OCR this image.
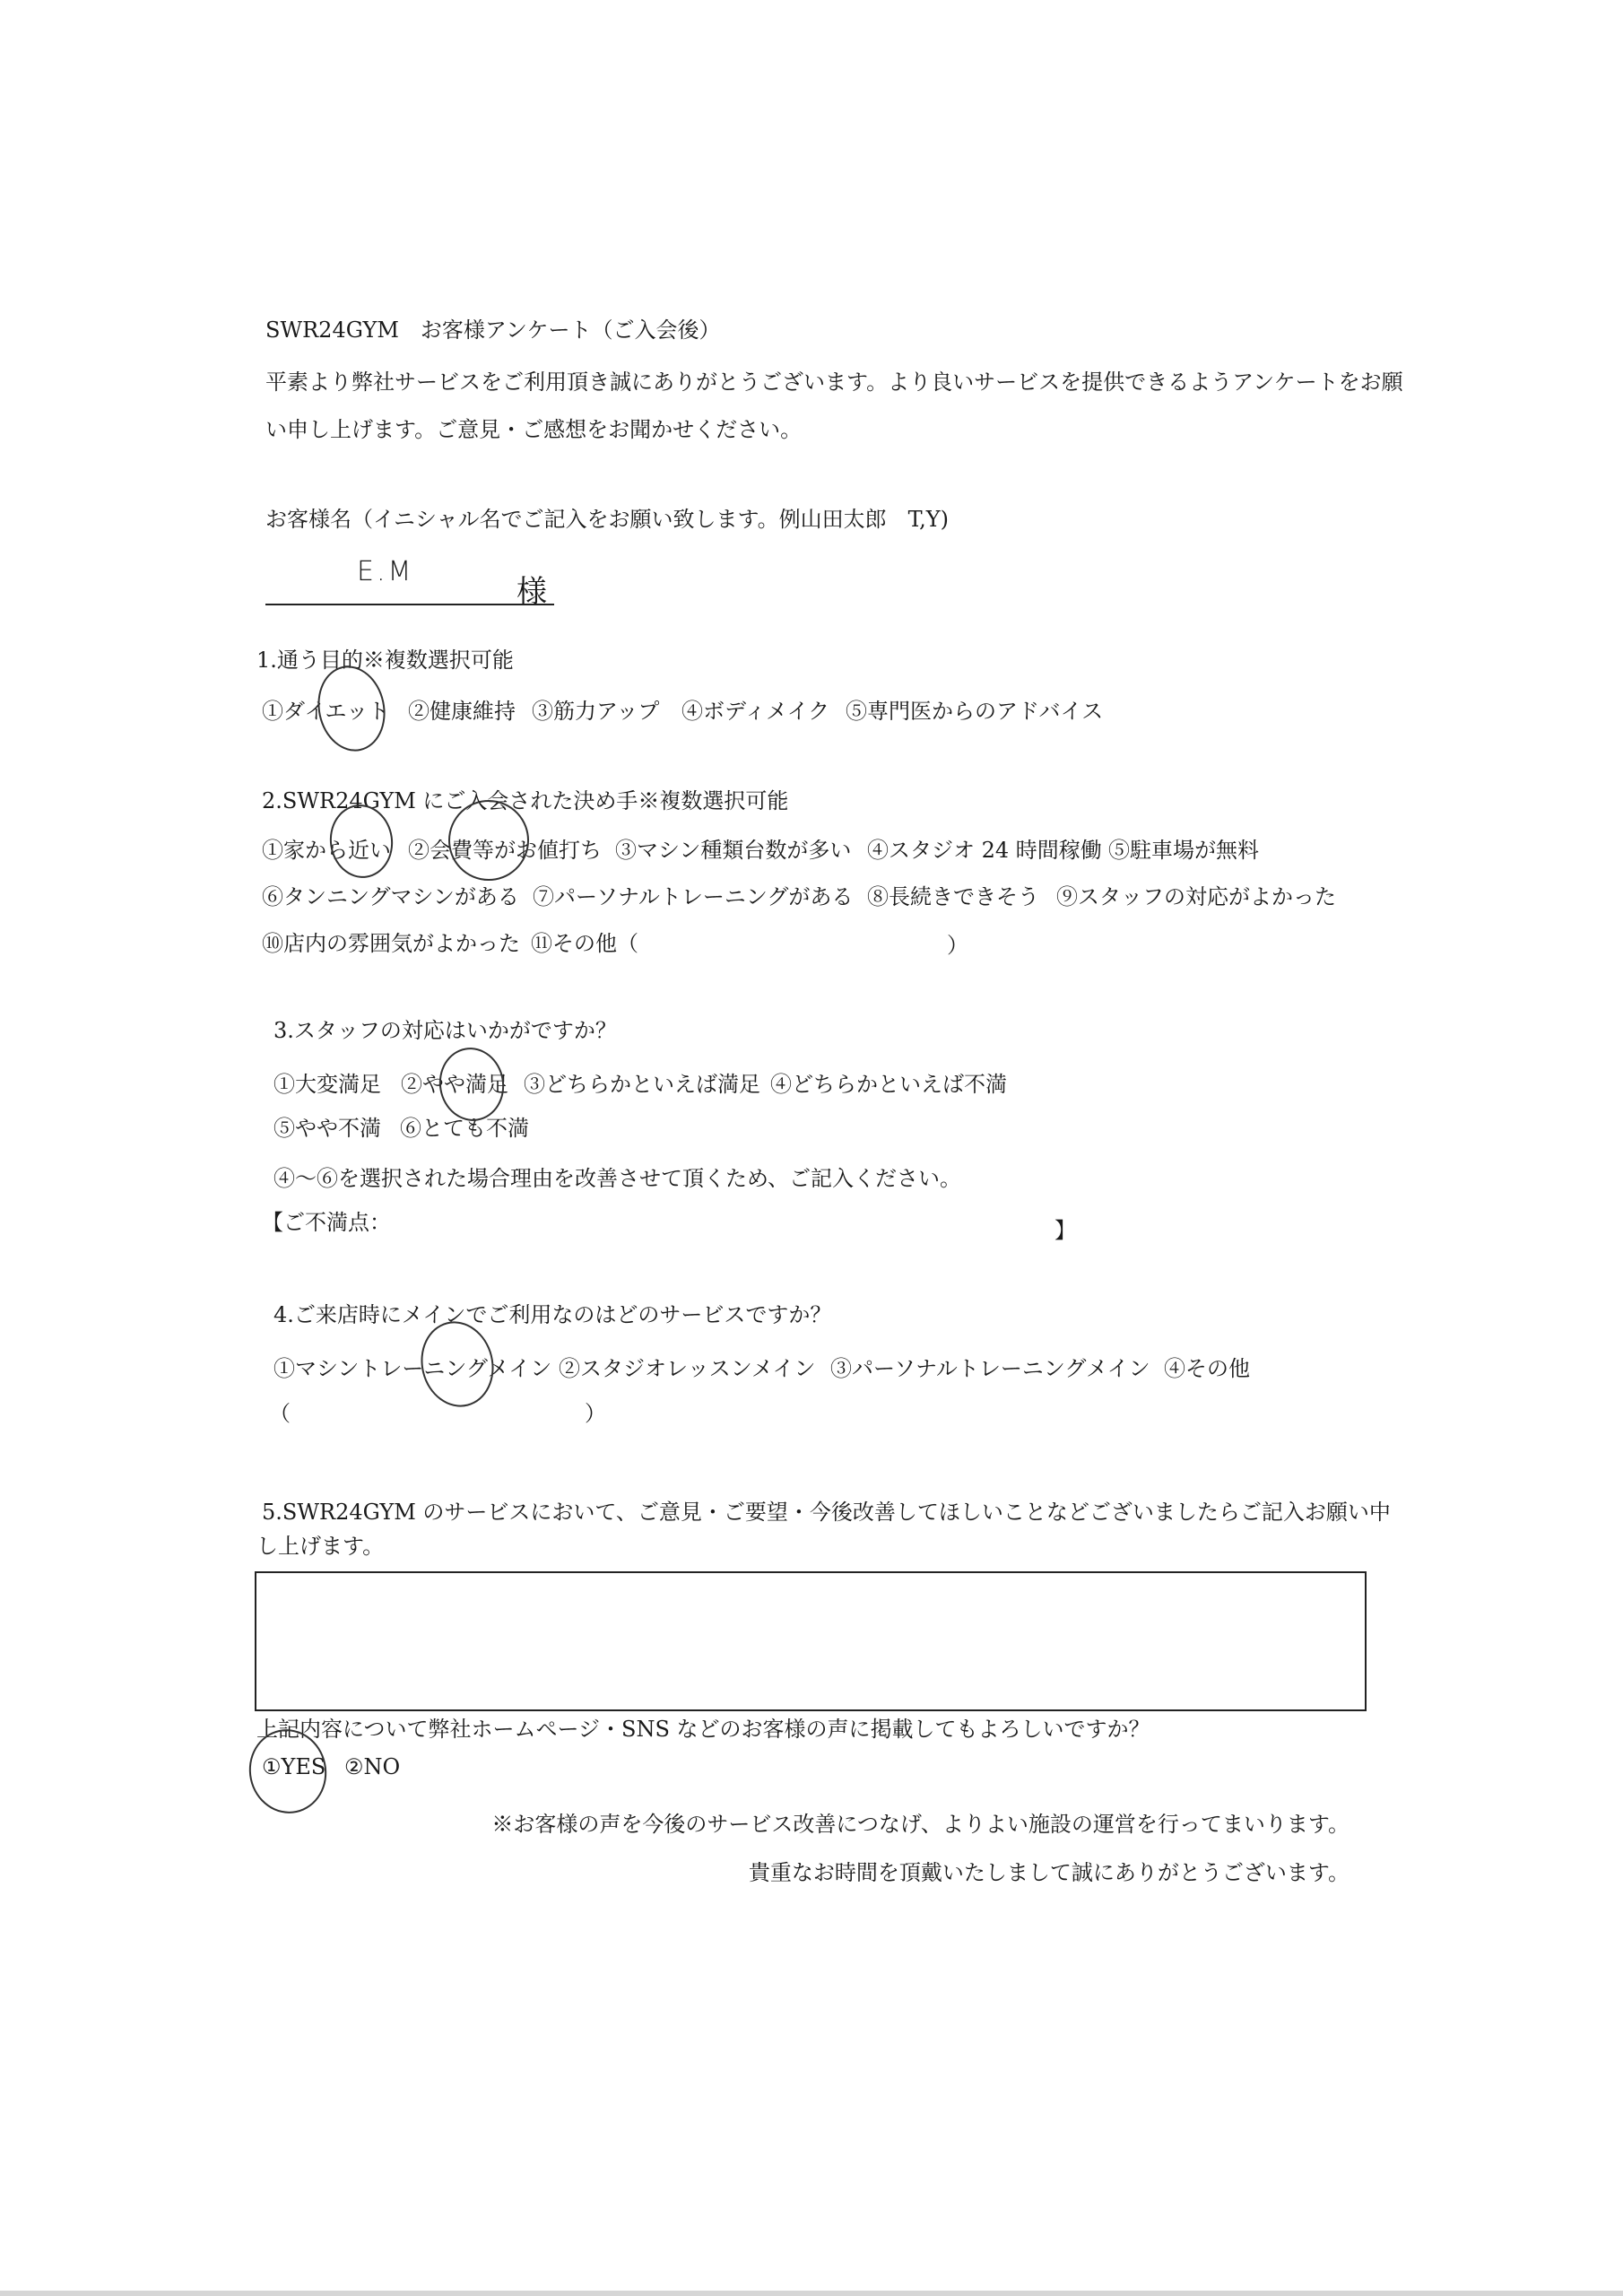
SWR24GYM　お客様アンケート（ご入会後）
平素より弊社サービスをご利用頂き誠にありがとうございます。より良いサービスを提供できるようアンケートをお願
い申し上げます。ご意見・ご感想をお聞かせください。
お客様名（イニシャル名でご記入をお願い致します。例山田太郎　T,Y)
E.M
様
1.通う目的※複数選択可能
①ダイエット ②健康維持 ③筋力アップ ④ボディメイク ⑤専門医からのアドバイス
2.SWR24GYM にご入会された決め手※複数選択可能
①家から近い ②会費等がお値打ち ③マシン種類台数が多い ④スタジオ 24 時間稼働 ⑤駐車場が無料
⑥タンニングマシンがある ⑦パーソナルトレーニングがある ⑧長続きできそう ⑨スタッフの対応がよかった
⑩店内の雰囲気がよかった ⑪その他（	）
3.スタッフの対応はいかがですか？
①大変満足 ②やや満足 ③どちらかといえば満足 ④どちらかといえば不満
⑤やや不満 ⑥とても不満
④～⑥を選択された場合理由を改善させて頂くため、ご記入ください。
【ご不満点：	】
4.ご来店時にメインでご利用なのはどのサービスですか？
①マシントレーニングメイン ②スタジオレッスンメイン ③パーソナルトレーニングメイン ④その他
（	）
5.SWR24GYM のサービスにおいて、ご意見・ご要望・今後改善してほしいことなどございましたらご記入お願い中
し上げます。
上記内容について弊社ホームページ・SNS などのお客様の声に掲載してもよろしいですか？
①YES ②NO
※お客様の声を今後のサービス改善につなげ、よりよい施設の運営を行ってまいります。
貴重なお時間を頂戴いたしまして誠にありがとうございます。
